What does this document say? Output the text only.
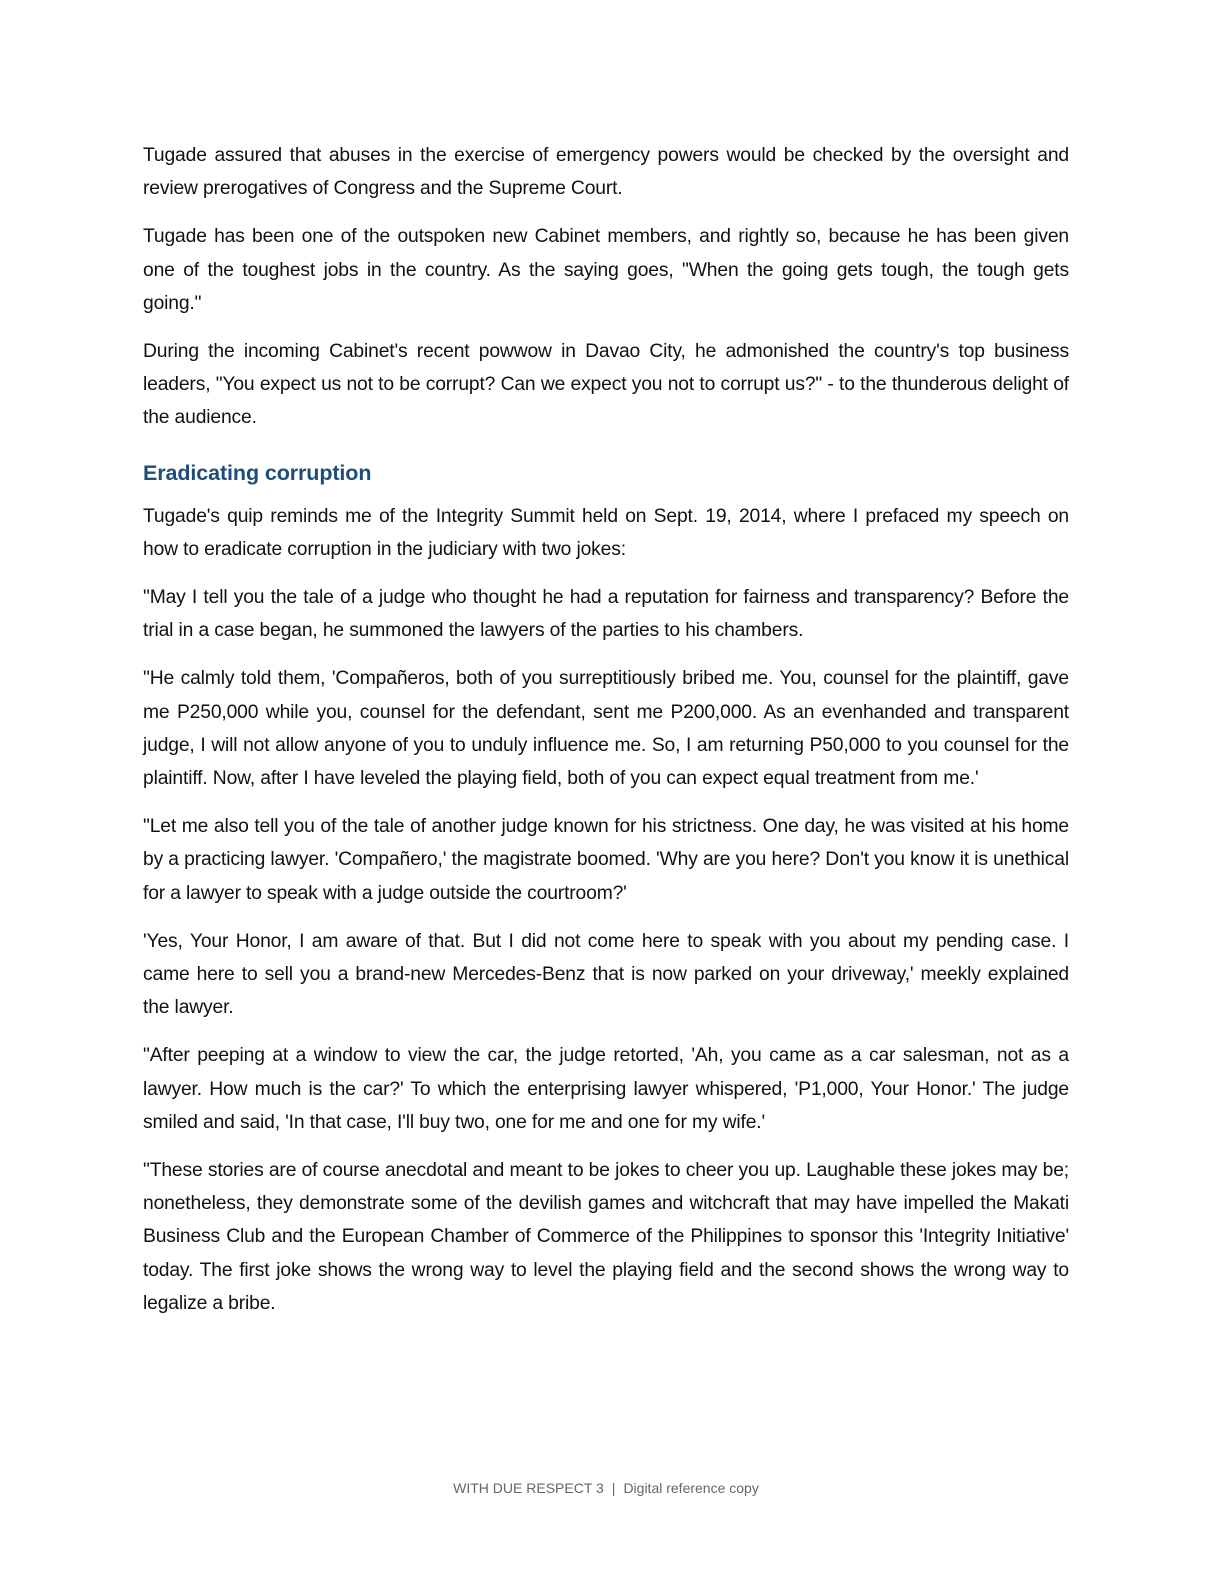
Tugade assured that abuses in the exercise of emergency powers would be checked by the oversight and review prerogatives of Congress and the Supreme Court.

Tugade has been one of the outspoken new Cabinet members, and rightly so, because he has been given one of the toughest jobs in the country. As the saying goes, "When the going gets tough, the tough gets going."

During the incoming Cabinet's recent powwow in Davao City, he admonished the country's top business leaders, "You expect us not to be corrupt? Can we expect you not to corrupt us?" - to the thunderous delight of the audience.

Eradicating corruption

Tugade's quip reminds me of the Integrity Summit held on Sept. 19, 2014, where I prefaced my speech on how to eradicate corruption in the judiciary with two jokes:

"May I tell you the tale of a judge who thought he had a reputation for fairness and transparency? Before the trial in a case began, he summoned the lawyers of the parties to his chambers.

"He calmly told them, 'Compañeros, both of you surreptitiously bribed me. You, counsel for the plaintiff, gave me P250,000 while you, counsel for the defendant, sent me P200,000. As an evenhanded and transparent judge, I will not allow anyone of you to unduly influence me. So, I am returning P50,000 to you counsel for the plaintiff. Now, after I have leveled the playing field, both of you can expect equal treatment from me.'

"Let me also tell you of the tale of another judge known for his strictness. One day, he was visited at his home by a practicing lawyer. 'Compañero,' the magistrate boomed. 'Why are you here? Don't you know it is unethical for a lawyer to speak with a judge outside the courtroom?'

'Yes, Your Honor, I am aware of that. But I did not come here to speak with you about my pending case. I came here to sell you a brand-new Mercedes-Benz that is now parked on your driveway,' meekly explained the lawyer.

"After peeping at a window to view the car, the judge retorted, 'Ah, you came as a car salesman, not as a lawyer. How much is the car?' To which the enterprising lawyer whispered, 'P1,000, Your Honor.' The judge smiled and said, 'In that case, I'll buy two, one for me and one for my wife.'

"These stories are of course anecdotal and meant to be jokes to cheer you up. Laughable these jokes may be; nonetheless, they demonstrate some of the devilish games and witchcraft that may have impelled the Makati Business Club and the European Chamber of Commerce of the Philippines to sponsor this 'Integrity Initiative' today. The first joke shows the wrong way to level the playing field and the second shows the wrong way to legalize a bribe.

WITH DUE RESPECT 3 | Digital reference copy
